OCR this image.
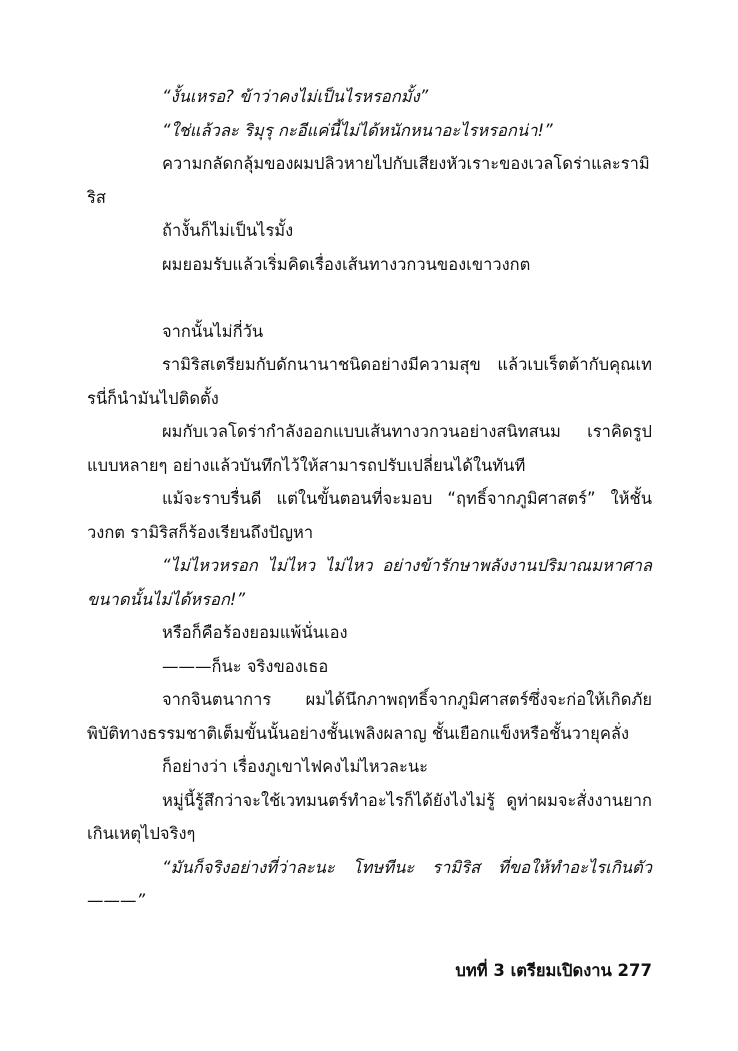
“งั้นเหรอ? ข้าว่าคงไม่เป็นไรหรอกมั้ง”

“ใช่แล้วละ ริมุรุ กะอีแค่นี้ไม่ได้หนักหนาอะไรหรอกน่า!”

ความกลัดกลุ้มของผมปลิวหายไปกับเสียงหัวเราะของเวลโดร่าและรามิริส

ถ้างั้นก็ไม่เป็นไรมั้ง

ผมยอมรับแล้วเริ่มคิดเรื่องเส้นทางวกวนของเขาวงกต

จากนั้นไม่กี่วัน

รามิริสเตรียมกับดักนานาชนิดอย่างมีความสุข แล้วเบเร็ตต้ากับคุณเทรนี่ก็นำมันไปติดตั้ง

ผมกับเวลโดร่ากำลังออกแบบเส้นทางวกวนอย่างสนิทสนม เราคิดรูปแบบหลายๆ อย่างแล้วบันทึกไว้ให้สามารถปรับเปลี่ยนได้ในทันที

แม้จะราบรื่นดี แต่ในขั้นตอนที่จะมอบ “ฤทธิ์จากภูมิศาสตร์” ให้ชั้นวงกต รามิริสก็ร้องเรียนถึงปัญหา

“ไม่ไหวหรอก ไม่ไหว ไม่ไหว อย่างข้ารักษาพลังงานปริมาณมหาศาลขนาดนั้นไม่ได้หรอก!”

หรือก็คือร้องยอมแพ้นั่นเอง

———ก็นะ จริงของเธอ

จากจินตนาการ ผมได้นึกภาพฤทธิ์จากภูมิศาสตร์ซึ่งจะก่อให้เกิดภัยพิบัติทางธรรมชาติเต็มขั้นนั้นอย่างชั้นเพลิงผลาญ ชั้นเยือกแข็งหรือชั้นวายุคลั่ง

ก็อย่างว่า เรื่องภูเขาไฟคงไม่ไหวละนะ

หมู่นี้รู้สึกว่าจะใช้เวทมนตร์ทำอะไรก็ได้ยังไงไม่รู้ ดูท่าผมจะสั่งงานยากเกินเหตุไปจริงๆ

“มันก็จริงอย่างที่ว่าละนะ โทษทีนะ รามิริส ที่ขอให้ทำอะไรเกินตัว———”

บทที่ 3 เตรียมเปิดงาน 277
